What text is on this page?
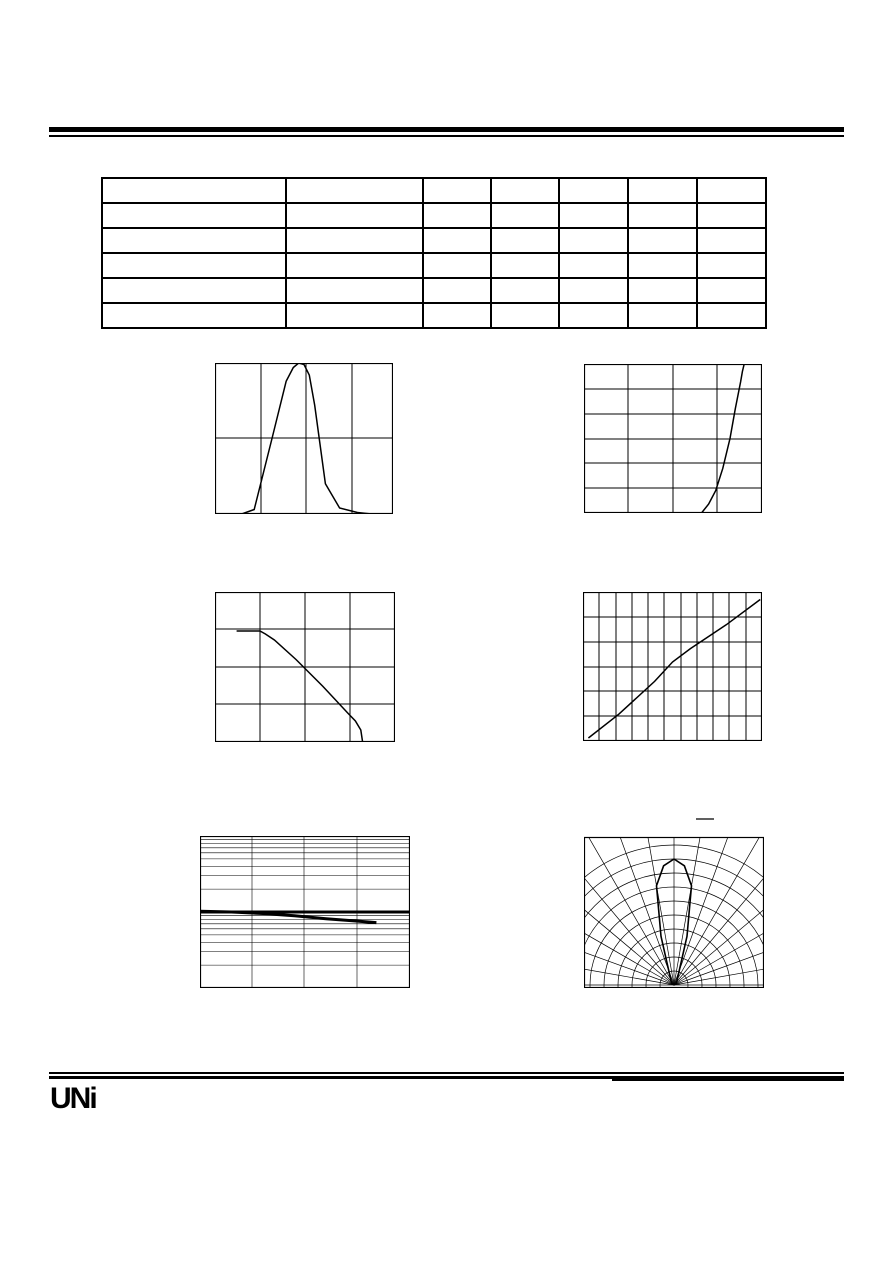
UNi
